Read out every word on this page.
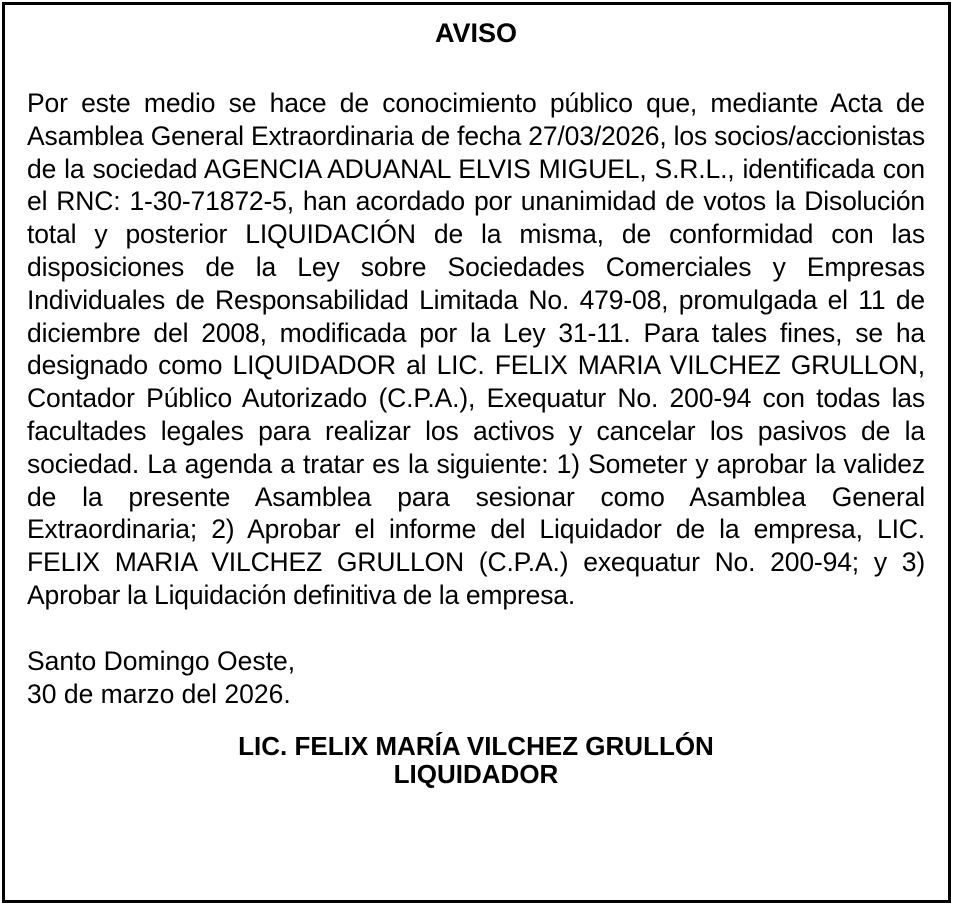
AVISO

Por este medio se hace de conocimiento público que, mediante Acta de Asamblea General Extraordinaria de fecha 27/03/2026, los socios/accionistas de la sociedad AGENCIA ADUANAL ELVIS MIGUEL, S.R.L., identificada con el RNC: 1-30-71872-5, han acordado por unanimidad de votos la Disolución total y posterior LIQUIDACIÓN de la misma, de conformidad con las disposiciones de la Ley sobre Sociedades Comerciales y Empresas Individuales de Responsabilidad Limitada No. 479-08, promulgada el 11 de diciembre del 2008, modificada por la Ley 31-11. Para tales fines, se ha designado como LIQUIDADOR al LIC. FELIX MARIA VILCHEZ GRULLON, Contador Público Autorizado (C.P.A.), Exequatur No. 200-94 con todas las facultades legales para realizar los activos y cancelar los pasivos de la sociedad. La agenda a tratar es la siguiente: 1) Someter y aprobar la validez de la presente Asamblea para sesionar como Asamblea General Extraordinaria; 2) Aprobar el informe del Liquidador de la empresa, LIC. FELIX MARIA VILCHEZ GRULLON (C.P.A.) exequatur No. 200-94; y 3) Aprobar la Liquidación definitiva de la empresa.

Santo Domingo Oeste,
30 de marzo del 2026.
LIC. FELIX MARÍA VILCHEZ GRULLÓN
LIQUIDADOR
